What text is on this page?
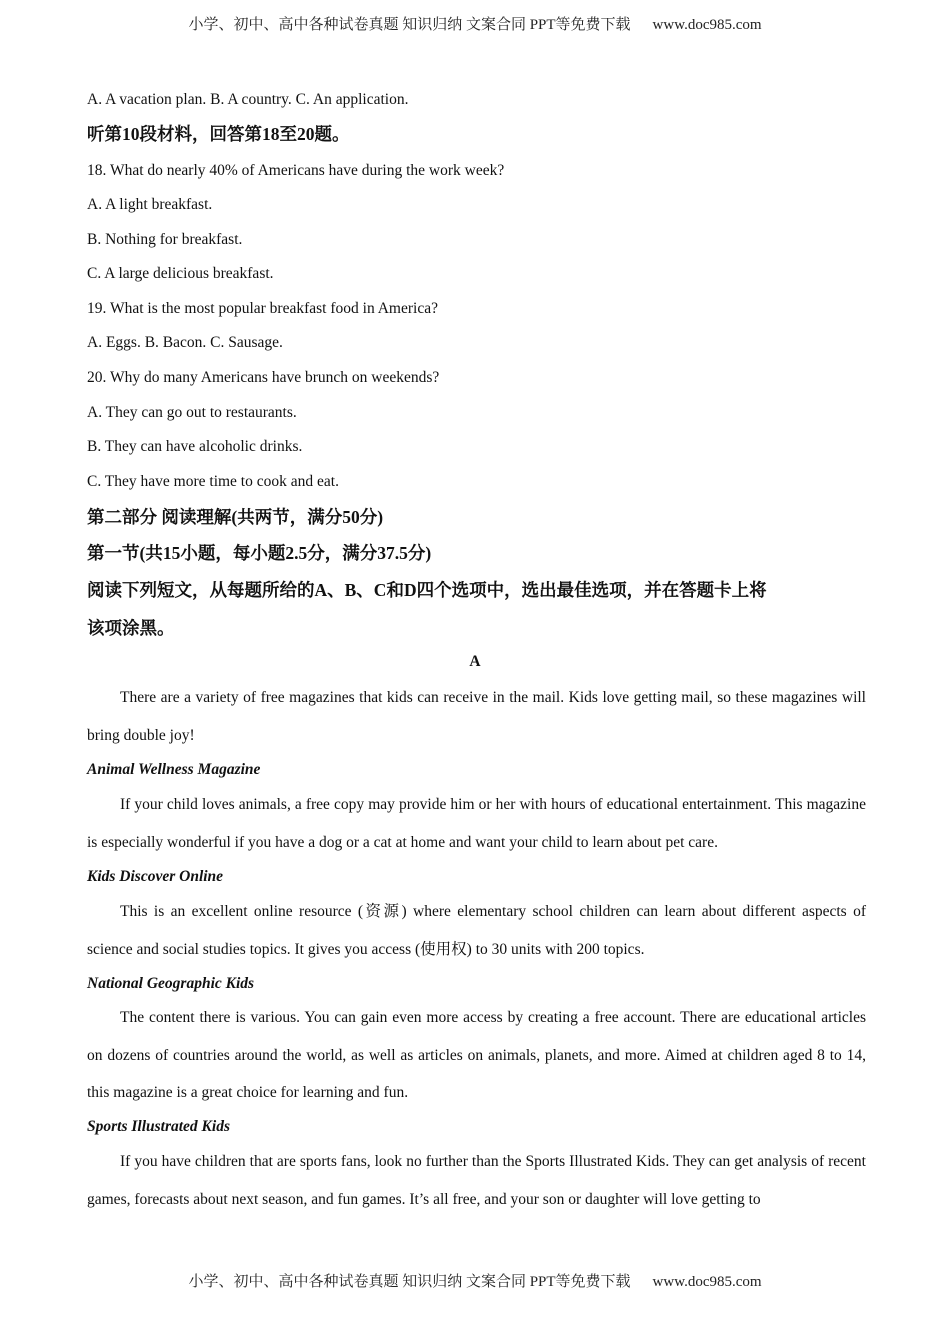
小学、初中、高中各种试卷真题 知识归纳 文案合同 PPT等免费下载 www.doc985.com
A. A vacation plan. B. A country. C. An application.
听第10段材料，回答第18至20题。
18. What do nearly 40% of Americans have during the work week?
A. A light breakfast.
B. Nothing for breakfast.
C. A large delicious breakfast.
19. What is the most popular breakfast food in America?
A. Eggs. B. Bacon. C. Sausage.
20. Why do many Americans have brunch on weekends?
A. They can go out to restaurants.
B. They can have alcoholic drinks.
C. They have more time to cook and eat.
第二部分 阅读理解(共两节，满分50分)
第一节(共15小题，每小题2.5分，满分37.5分)
阅读下列短文，从每题所给的A、B、C和D四个选项中，选出最佳选项，并在答题卡上将
该项涂黑。
A
There are a variety of free magazines that kids can receive in the mail. Kids love getting mail, so these magazines will bring double joy!
Animal Wellness Magazine
If your child loves animals, a free copy may provide him or her with hours of educational entertainment. This magazine is especially wonderful if you have a dog or a cat at home and want your child to learn about pet care.
Kids Discover Online
This is an excellent online resource (资源) where elementary school children can learn about different aspects of science and social studies topics. It gives you access (使用权) to 30 units with 200 topics.
National Geographic Kids
The content there is various. You can gain even more access by creating a free account. There are educational articles on dozens of countries around the world, as well as articles on animals, planets, and more. Aimed at children aged 8 to 14, this magazine is a great choice for learning and fun.
Sports Illustrated Kids
If you have children that are sports fans, look no further than the Sports Illustrated Kids. They can get analysis of recent games, forecasts about next season, and fun games. It’s all free, and your son or daughter will love getting to
小学、初中、高中各种试卷真题 知识归纳 文案合同 PPT等免费下载 www.doc985.com
